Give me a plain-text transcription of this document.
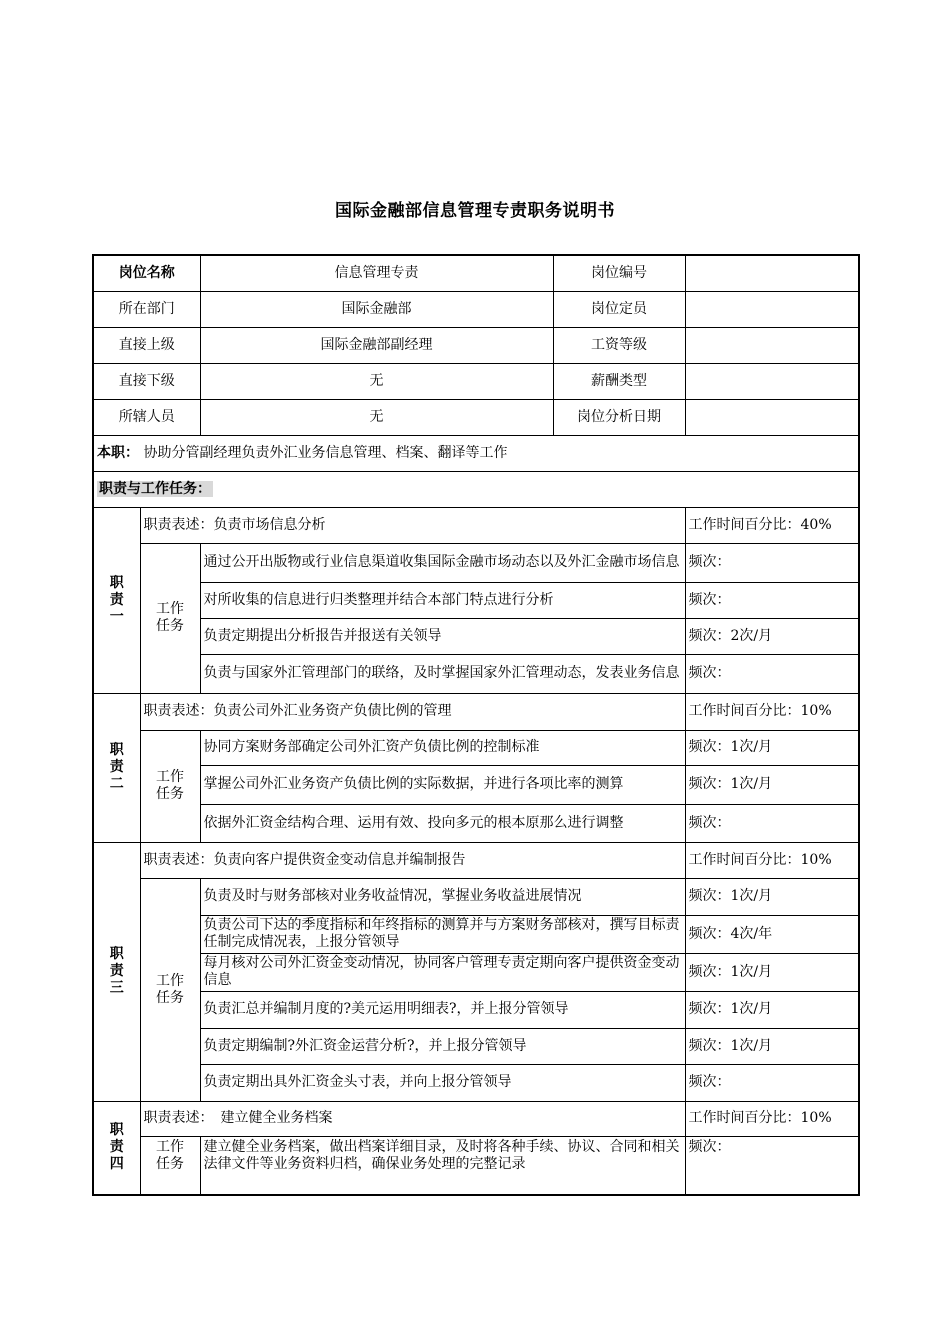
国际金融部信息管理专责职务说明书
岗位名称		信息管理专责	岗位编号	
所在部门		国际金融部	岗位定员	
直接上级		国际金融部副经理	工资等级	
直接下级		无	薪酬类型	
所辖人员		无	岗位分析日期	
本职： 协助分管副经理负责外汇业务信息管理、档案、翻译等工作				
职责与工作任务：				

职
责
一	职责表述：负责市场信息分析			工作时间百分比：40%
	工作
任务	通过公开出版物或行业信息渠道收集国际金融市场动态以及外汇金融市场信息		频次：
		对所收集的信息进行归类整理并结合本部门特点进行分析		频次：
		负责定期提出分析报告并报送有关领导		频次：2次/月
		负责与国家外汇管理部门的联络，及时掌握国家外汇管理动态，发表业务信息		频次：

职
责
二	职责表述：负责公司外汇业务资产负债比例的管理			工作时间百分比：10%
	工作
任务	协同方案财务部确定公司外汇资产负债比例的控制标准		频次：1次/月
		掌握公司外汇业务资产负债比例的实际数据，并进行各项比率的测算		频次：1次/月
		依据外汇资金结构合理、运用有效、投向多元的根本原那么进行调整		频次：

职
责
三	职责表述：负责向客户提供资金变动信息并编制报告			工作时间百分比：10%
	工作
任务	负责及时与财务部核对业务收益情况，掌握业务收益进展情况		频次：1次/月
		负责公司下达的季度指标和年终指标的测算并与方案财务部核对，撰写目标责任制完成情况表，上报分管领导		频次：4次/年
		每月核对公司外汇资金变动情况，协同客户管理专责定期向客户提供资金变动信息		频次：1次/月
		负责汇总并编制月度的?美元运用明细表?，并上报分管领导		频次：1次/月
		负责定期编制?外汇资金运营分析?，并上报分管领导		频次：1次/月
		负责定期出具外汇资金头寸表，并向上报分管领导		频次：

职
责
四	职责表述：　建立健全业务档案			工作时间百分比：10%
	工作
任务	建立健全业务档案，做出档案详细目录，及时将各种手续、协议、合同和相关法律文件等业务资料归档，确保业务处理的完整记录		频次：
